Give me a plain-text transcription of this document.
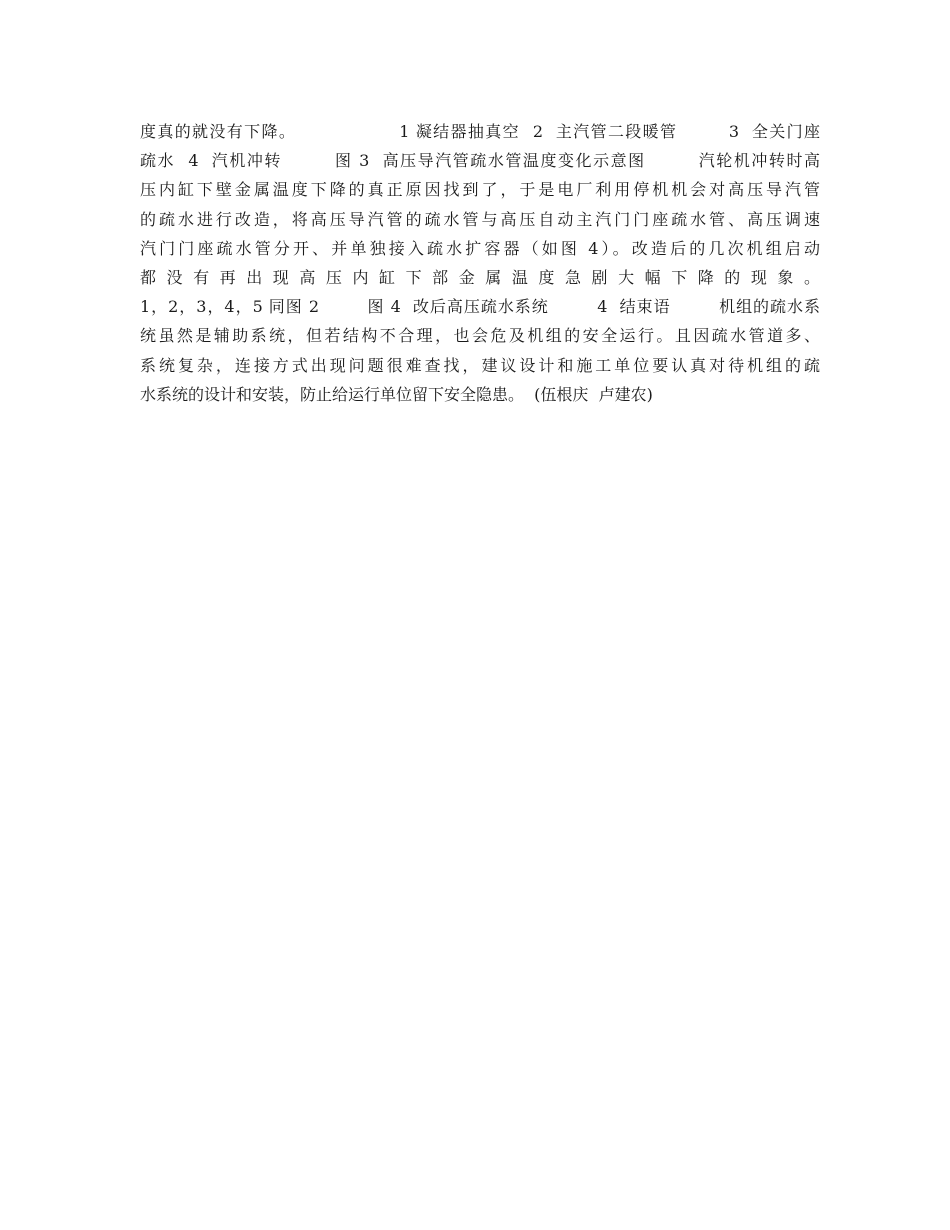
度真的就没有下降。                1 凝结器抽真空  2  主汽管二段暖管        3  全关门座
疏水  4  汽机冲转        图 3  高压导汽管疏水管温度变化示意图        汽轮机冲转时高
压内缸下壁金属温度下降的真正原因找到了，于是电厂利用停机机会对高压导汽管
的疏水进行改造，将高压导汽管的疏水管与高压自动主汽门门座疏水管、高压调速
汽门门座疏水管分开、并单独接入疏水扩容器（如图 4）。改造后的几次机组启动
都没有再出现高压内缸下部金属温度急剧大幅下降的现象。
1，2，3，4，5 同图 2        图 4  改后高压疏水系统        4  结束语        机组的疏水系
统虽然是辅助系统，但若结构不合理，也会危及机组的安全运行。且因疏水管道多、
系统复杂，连接方式出现问题很难查找，建议设计和施工单位要认真对待机组的疏
水系统的设计和安装，防止给运行单位留下安全隐患。  (伍根庆  卢建农)
